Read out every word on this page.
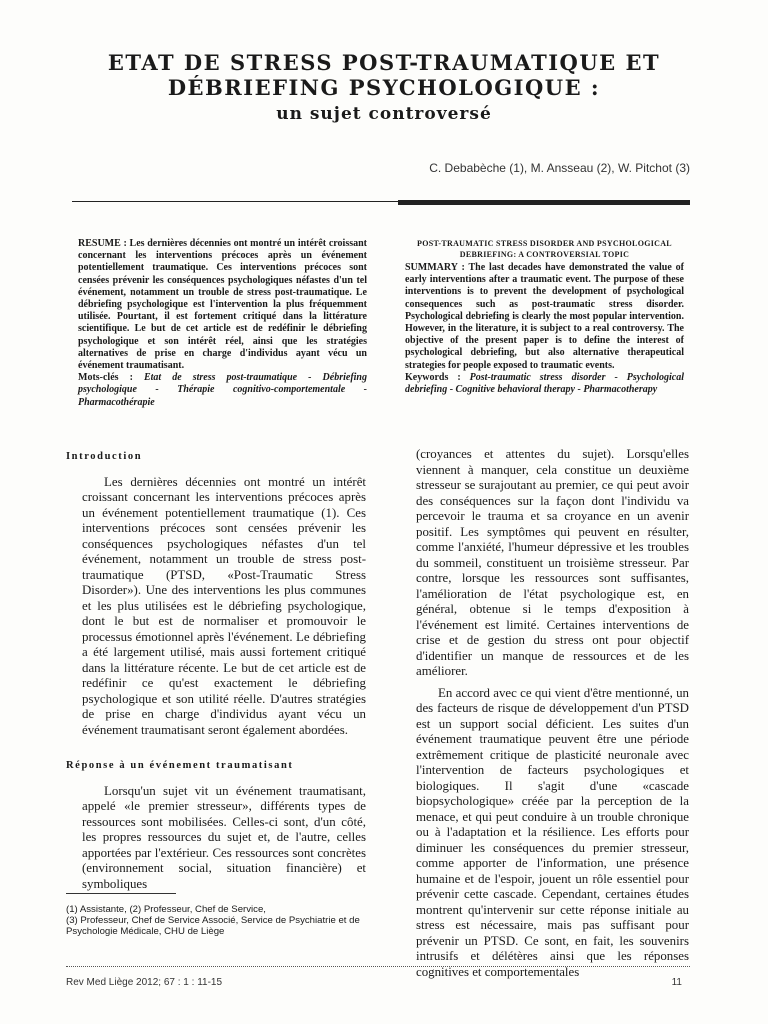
ETAT DE STRESS POST-TRAUMATIQUE ET
DÉBRIEFING PSYCHOLOGIQUE :
un sujet controversé
C. Debabèche (1), M. Ansseau (2), W. Pitchot (3)
RESUME : Les dernières décennies ont montré un intérêt croissant concernant les interventions précoces après un événement potentiellement traumatique. Ces interventions précoces sont censées prévenir les conséquences psychologiques néfastes d'un tel événement, notamment un trouble de stress post-traumatique. Le débriefing psychologique est l'intervention la plus fréquemment utilisée. Pourtant, il est fortement critiqué dans la littérature scientifique. Le but de cet article est de redéfinir le débriefing psychologique et son intérêt réel, ainsi que les stratégies alternatives de prise en charge d'individus ayant vécu un événement traumatisant.
Mots-clés : Etat de stress post-traumatique - Débriefing psychologique - Thérapie cognitivo-comportementale - Pharmacothérapie
POST-TRAUMATIC STRESS DISORDER AND PSYCHOLOGICAL DEBRIEFING: A CONTROVERSIAL TOPIC
SUMMARY : The last decades have demonstrated the value of early interventions after a traumatic event. The purpose of these interventions is to prevent the development of psychological consequences such as post-traumatic stress disorder. Psychological debriefing is clearly the most popular intervention. However, in the literature, it is subject to a real controversy. The objective of the present paper is to define the interest of psychological debriefing, but also alternative therapeutical strategies for people exposed to traumatic events.
Keywords : Post-traumatic stress disorder - Psychological debriefing - Cognitive behavioral therapy - Pharmacotherapy
Introduction

Les dernières décennies ont montré un intérêt croissant concernant les interventions précoces après un événement potentiellement traumatique (1). Ces interventions précoces sont censées prévenir les conséquences psychologiques néfastes d'un tel événement, notamment un trouble de stress post-traumatique (PTSD, «Post-Traumatic Stress Disorder»). Une des interventions les plus communes et les plus utilisées est le débriefing psychologique, dont le but est de normaliser et promouvoir le processus émotionnel après l'événement. Le débriefing a été largement utilisé, mais aussi fortement critiqué dans la littérature récente. Le but de cet article est de redéfinir ce qu'est exactement le débriefing psychologique et son utilité réelle. D'autres stratégies de prise en charge d'individus ayant vécu un événement traumatisant seront également abordées.

Réponse à un événement traumatisant

Lorsqu'un sujet vit un événement traumatisant, appelé «le premier stresseur», différents types de ressources sont mobilisées. Celles-ci sont, d'un côté, les propres ressources du sujet et, de l'autre, celles apportées par l'extérieur. Ces ressources sont concrètes (environnement social, situation financière) et symboliques

(croyances et attentes du sujet). Lorsqu'elles viennent à manquer, cela constitue un deuxième stresseur se surajoutant au premier, ce qui peut avoir des conséquences sur la façon dont l'individu va percevoir le trauma et sa croyance en un avenir positif. Les symptômes qui peuvent en résulter, comme l'anxiété, l'humeur dépressive et les troubles du sommeil, constituent un troisième stresseur. Par contre, lorsque les ressources sont suffisantes, l'amélioration de l'état psychologique est, en général, obtenue si le temps d'exposition à l'événement est limité. Certaines interventions de crise et de gestion du stress ont pour objectif d'identifier un manque de ressources et de les améliorer.

En accord avec ce qui vient d'être mentionné, un des facteurs de risque de développement d'un PTSD est un support social déficient. Les suites d'un événement traumatique peuvent être une période extrêmement critique de plasticité neuronale avec l'intervention de facteurs psychologiques et biologiques. Il s'agit d'une «cascade biopsychologique» créée par la perception de la menace, et qui peut conduire à un trouble chronique ou à l'adaptation et la résilience. Les efforts pour diminuer les conséquences du premier stresseur, comme apporter de l'information, une présence humaine et de l'espoir, jouent un rôle essentiel pour prévenir cette cascade. Cependant, certaines études montrent qu'intervenir sur cette réponse initiale au stress est nécessaire, mais pas suffisant pour prévenir un PTSD. Ce sont, en fait, les souvenirs intrusifs et délétères ainsi que les réponses cognitives et comportementales

(1) Assistante, (2) Professeur, Chef de Service,
(3) Professeur, Chef de Service Associé, Service de Psychiatrie et de Psychologie Médicale, CHU de Liège
Rev Med Liège 2012; 67 : 1 : 11-15	11
